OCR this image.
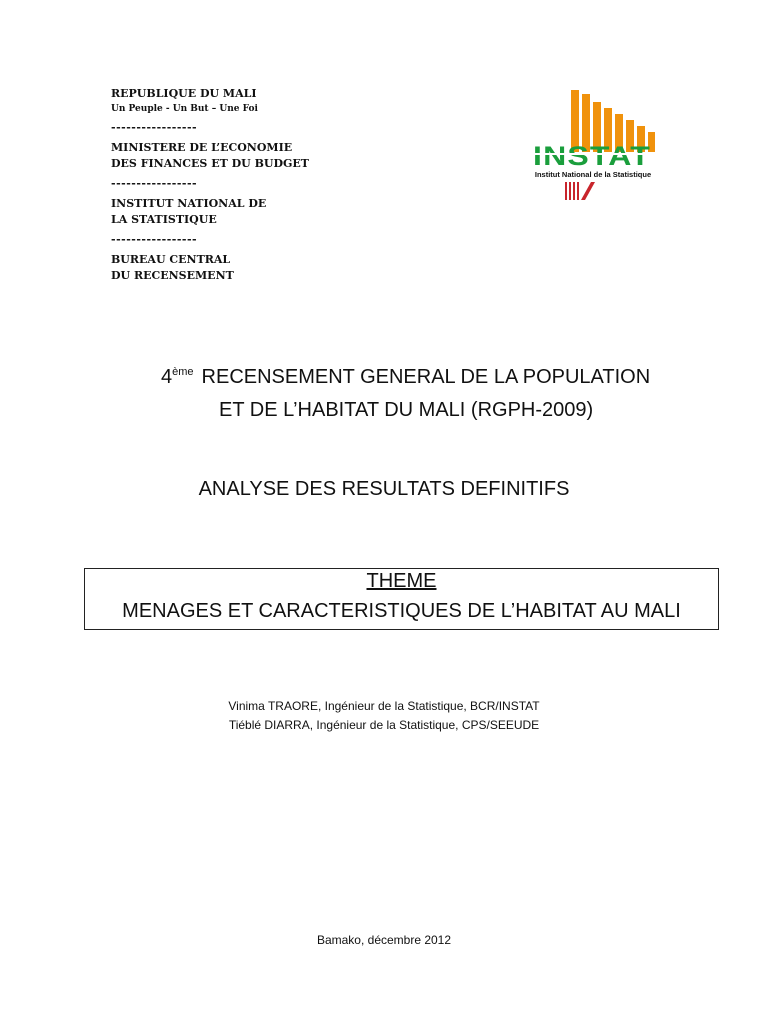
REPUBLIQUE DU MALI
Un Peuple - Un But – Une Foi
-----------------
MINISTERE DE L’ECONOMIE
DES FINANCES ET DU BUDGET
-----------------
INSTITUT NATIONAL DE
LA STATISTIQUE
-----------------
BUREAU CENTRAL
DU RECENSEMENT
INSTAT
Institut National de la Statistique
4ème RECENSEMENT GENERAL DE LA POPULATION
ET DE L’HABITAT DU MALI (RGPH-2009)
ANALYSE DES RESULTATS DEFINITIFS
THEME
MENAGES ET CARACTERISTIQUES DE L’HABITAT AU MALI
Vinima TRAORE, Ingénieur de la Statistique, BCR/INSTAT
Tiéblé DIARRA, Ingénieur de la Statistique, CPS/SEEUDE
Bamako, décembre 2012
